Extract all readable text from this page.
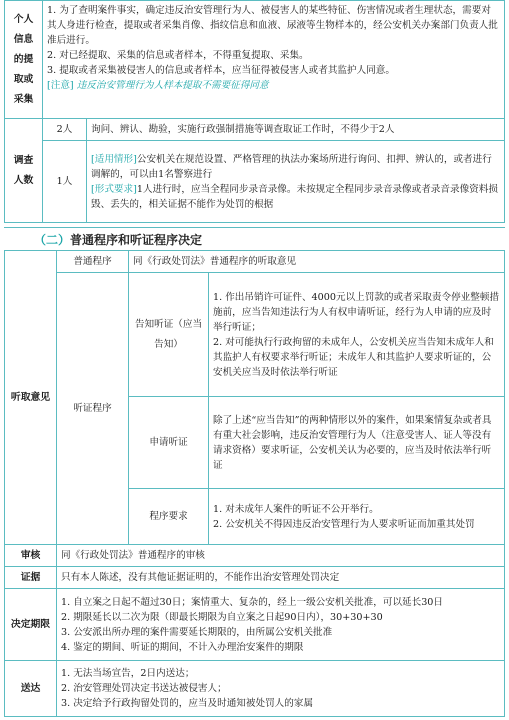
个人信息的提取或采集	1. 为了查明案件事实，确定违反治安管理行为人、被侵害人的某些特征、伤害情况或者生理状态，需要对其人身进行检查，提取或者采集肖像、指纹信息和血液、尿液等生物样本的，经公安机关办案部门负责人批准后进行。

2. 对已经提取、采集的信息或者样本，不得重复提取、采集。

3. 提取或者采集被侵害人的信息或者样本，应当征得被侵害人或者其监护人同意。

[注意] 违反治安管理行为人样本提取不需要征得同意	

调查人数	2人	询问、辨认、勘验，实施行政强制措施等调查取证工作时，不得少于2人
	1人	[适用情形]公安机关在规范设置、严格管理的执法办案场所进行询问、扣押、辨认的，或者进行调解的，可以由1名警察进行

[形式要求]1人进行时，应当全程同步录音录像。未按规定全程同步录音录像或者录音录像资料损毁、丢失的，相关证据不能作为处罚的根据

（二）普通程序和听证程序决定
听取意见	普通程序	同《行政处罚法》普通程序的听取意见	
	听证程序	告知听证（应当告知）	1. 作出吊销许可证件、4000元以上罚款的或者采取责令停业整顿措施前，应当告知违法行为人有权申请听证，经行为人申请的应及时举行听证；

2. 对可能执行行政拘留的未成年人，公安机关应当告知未成年人和其监护人有权要求举行听证；未成年人和其监护人要求听证的，公安机关应当及时依法举行听证

		申请听证	除了上述“应当告知”的两种情形以外的案件，如果案情复杂或者具有重大社会影响，违反治安管理行为人（注意受害人、证人等没有请求资格）要求听证，公安机关认为必要的，应当及时依法举行听证
		程序要求	1. 对未成年人案件的听证不公开举行。

2. 公安机关不得因违反治安管理行为人要求听证而加重其处罚

审核	同《行政处罚法》普通程序的审核		
证据	只有本人陈述，没有其他证据证明的，不能作出治安管理处罚决定		
决定期限	1. 自立案之日起不超过30日；案情重大、复杂的，经上一级公安机关批准，可以延长30日

2. 期限延长以二次为限（即最长期限为自立案之日起90日内），30+30+30

3. 公安派出所办理的案件需要延长期限的，由所属公安机关批准

4. 鉴定的期间、听证的期间，不计入办理治安案件的期限		

送达	1. 无法当场宣告，2日内送达；

2. 治安管理处罚决定书送达被侵害人；

3. 决定给予行政拘留处罚的，应当及时通知被处罚人的家属		
